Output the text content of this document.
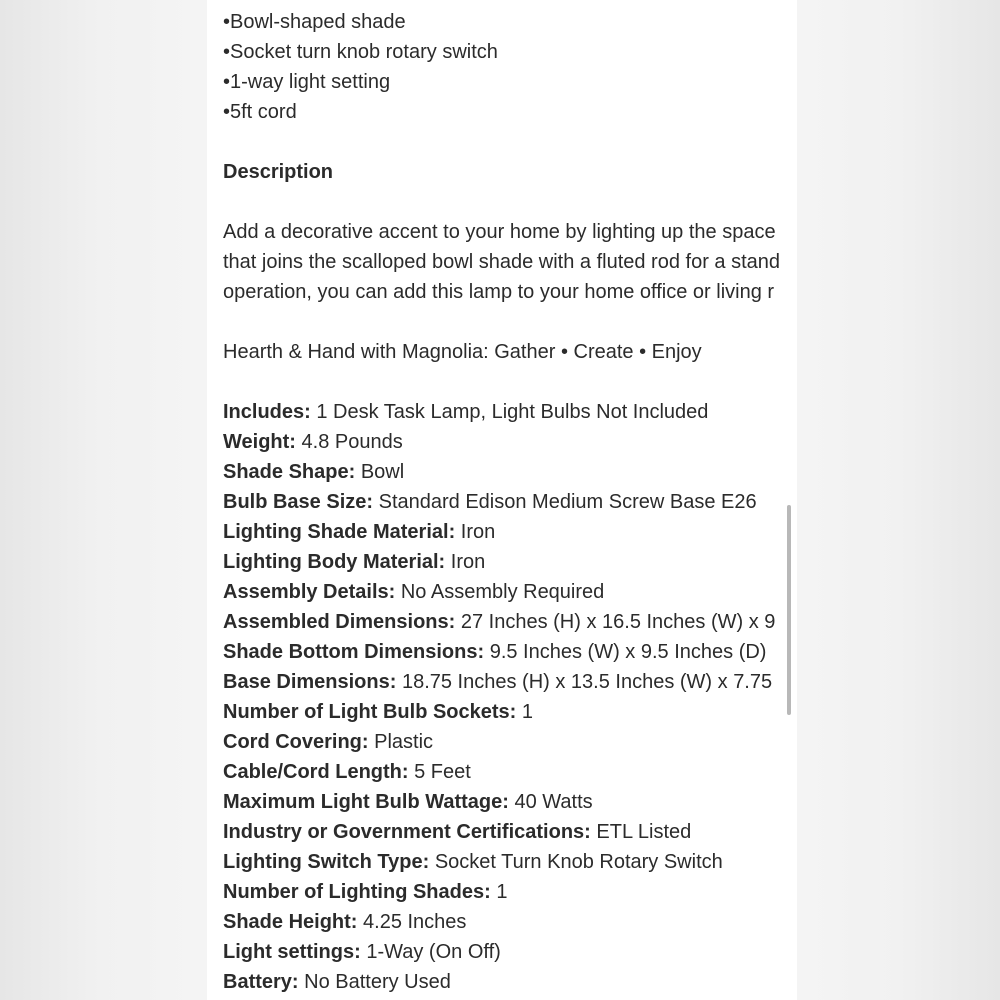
•Bowl-shaped shade
•Socket turn knob rotary switch
•1-way light setting
•5ft cord
Description
Add a decorative accent to your home by lighting up the space
that joins the scalloped bowl shade with a fluted rod for a stand
operation, you can add this lamp to your home office or living r
Hearth & Hand with Magnolia: Gather • Create • Enjoy
Includes: 1 Desk Task Lamp, Light Bulbs Not Included
Weight: 4.8 Pounds
Shade Shape: Bowl
Bulb Base Size: Standard Edison Medium Screw Base E26
Lighting Shade Material: Iron
Lighting Body Material: Iron
Assembly Details: No Assembly Required
Assembled Dimensions: 27 Inches (H) x 16.5 Inches (W) x 9
Shade Bottom Dimensions: 9.5 Inches (W) x 9.5 Inches (D)
Base Dimensions: 18.75 Inches (H) x 13.5 Inches (W) x 7.75
Number of Light Bulb Sockets: 1
Cord Covering: Plastic
Cable/Cord Length: 5 Feet
Maximum Light Bulb Wattage: 40 Watts
Industry or Government Certifications: ETL Listed
Lighting Switch Type: Socket Turn Knob Rotary Switch
Number of Lighting Shades: 1
Shade Height: 4.25 Inches
Light settings: 1-Way (On Off)
Battery: No Battery Used
